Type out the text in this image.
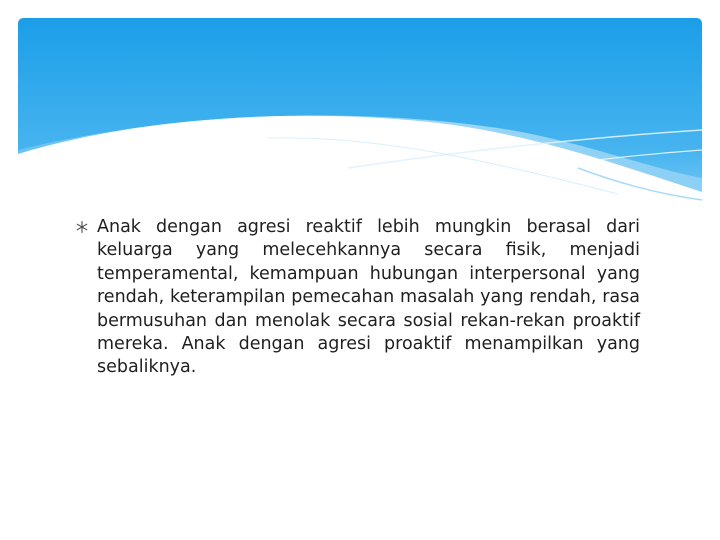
Anak dengan agresi reaktif lebih mungkin berasal dari keluarga yang melecehkannya secara fisik, menjadi temperamental, kemampuan hubungan interpersonal yang rendah, keterampilan pemecahan masalah yang rendah, rasa bermusuhan dan menolak secara sosial rekan-rekan proaktif mereka. Anak dengan agresi proaktif menampilkan yang sebaliknya.
